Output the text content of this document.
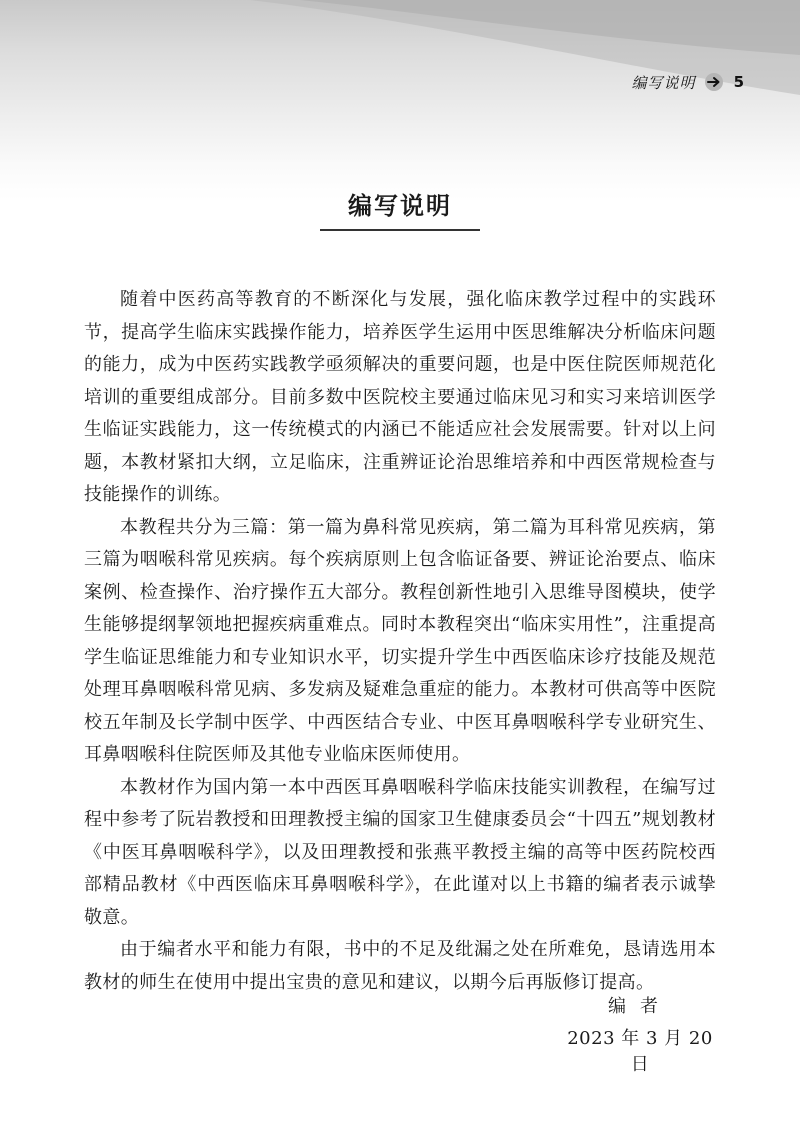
编写说明	5
编写说明

随着中医药高等教育的不断深化与发展，强化临床教学过程中的实践环节，提高学生临床实践操作能力，培养医学生运用中医思维解决分析临床问题的能力，成为中医药实践教学亟须解决的重要问题，也是中医住院医师规范化培训的重要组成部分。目前多数中医院校主要通过临床见习和实习来培训医学生临证实践能力，这一传统模式的内涵已不能适应社会发展需要。针对以上问题，本教材紧扣大纲，立足临床，注重辨证论治思维培养和中西医常规检查与技能操作的训练。

本教程共分为三篇：第一篇为鼻科常见疾病，第二篇为耳科常见疾病，第三篇为咽喉科常见疾病。每个疾病原则上包含临证备要、辨证论治要点、临床案例、检查操作、治疗操作五大部分。教程创新性地引入思维导图模块，使学生能够提纲挈领地把握疾病重难点。同时本教程突出“临床实用性”，注重提高学生临证思维能力和专业知识水平，切实提升学生中西医临床诊疗技能及规范处理耳鼻咽喉科常见病、多发病及疑难急重症的能力。本教材可供高等中医院校五年制及长学制中医学、中西医结合专业、中医耳鼻咽喉科学专业研究生、耳鼻咽喉科住院医师及其他专业临床医师使用。

本教材作为国内第一本中西医耳鼻咽喉科学临床技能实训教程，在编写过程中参考了阮岩教授和田理教授主编的国家卫生健康委员会“十四五”规划教材《中医耳鼻咽喉科学》，以及田理教授和张燕平教授主编的高等中医药院校西部精品教材《中西医临床耳鼻咽喉科学》，在此谨对以上书籍的编者表示诚挚敬意。

由于编者水平和能力有限，书中的不足及纰漏之处在所难免，恳请选用本教材的师生在使用中提出宝贵的意见和建议，以期今后再版修订提高。

编者
2023 年 3 月 20 日
